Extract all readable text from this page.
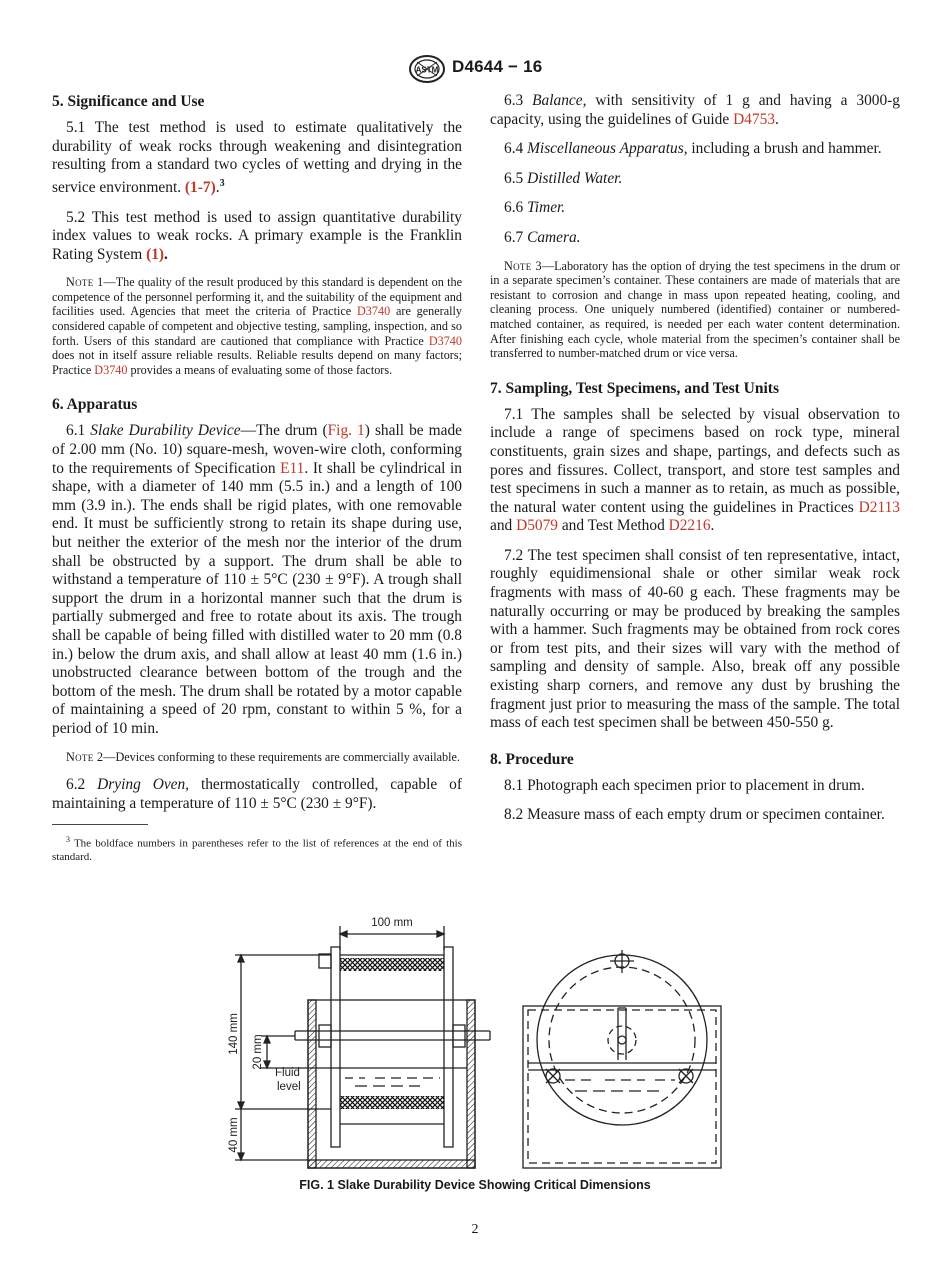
ASTM D4644 − 16
5. Significance and Use

5.1 The test method is used to estimate qualitatively the durability of weak rocks through weakening and disintegration resulting from a standard two cycles of wetting and drying in the service environment. (1-7).$^3$

5.2 This test method is used to assign quantitative durability index values to weak rocks. A primary example is the Franklin Rating System (1).

Note 1—The quality of the result produced by this standard is dependent on the competence of the personnel performing it, and the suitability of the equipment and facilities used. Agencies that meet the criteria of Practice D3740 are generally considered capable of competent and objective testing, sampling, inspection, and so forth. Users of this standard are cautioned that compliance with Practice D3740 does not in itself assure reliable results. Reliable results depend on many factors; Practice D3740 provides a means of evaluating some of those factors.

6. Apparatus

6.1 Slake Durability Device—The drum (Fig. 1) shall be made of 2.00 mm (No. 10) square-mesh, woven-wire cloth, conforming to the requirements of Specification E11. It shall be cylindrical in shape, with a diameter of 140 mm (5.5 in.) and a length of 100 mm (3.9 in.). The ends shall be rigid plates, with one removable end. It must be sufficiently strong to retain its shape during use, but neither the exterior of the mesh nor the interior of the drum shall be obstructed by a support. The drum shall be able to withstand a temperature of 110 ± 5°C (230 ± 9°F). A trough shall support the drum in a horizontal manner such that the drum is partially submerged and free to rotate about its axis. The trough shall be capable of being filled with distilled water to 20 mm (0.8 in.) below the drum axis, and shall allow at least 40 mm (1.6 in.) unobstructed clearance between bottom of the trough and the bottom of the mesh. The drum shall be rotated by a motor capable of maintaining a speed of 20 rpm, constant to within 5 %, for a period of 10 min.

Note 2—Devices conforming to these requirements are commercially available.

6.2 Drying Oven, thermostatically controlled, capable of maintaining a temperature of 110 ± 5°C (230 ± 9°F).

$^3$ The boldface numbers in parentheses refer to the list of references at the end of this standard.

6.3 Balance, with sensitivity of 1 g and having a 3000-g capacity, using the guidelines of Guide D4753.

6.4 Miscellaneous Apparatus, including a brush and hammer.

6.5 Distilled Water.

6.6 Timer.

6.7 Camera.

Note 3—Laboratory has the option of drying the test specimens in the drum or in a separate specimen’s container. These containers are made of materials that are resistant to corrosion and change in mass upon repeated heating, cooling, and cleaning process. One uniquely numbered (identified) container or numbered-matched container, as required, is needed per each water content determination. After finishing each cycle, whole material from the specimen’s container shall be transferred to number-matched drum or vice versa.

7. Sampling, Test Specimens, and Test Units

7.1 The samples shall be selected by visual observation to include a range of specimens based on rock type, mineral constituents, grain sizes and shape, partings, and defects such as pores and fissures. Collect, transport, and store test samples and test specimens in such a manner as to retain, as much as possible, the natural water content using the guidelines in Practices D2113 and D5079 and Test Method D2216.

7.2 The test specimen shall consist of ten representative, intact, roughly equidimensional shale or other similar weak rock fragments with mass of 40-60 g each. These fragments may be naturally occurring or may be produced by breaking the samples with a hammer. Such fragments may be obtained from rock cores or from test pits, and their sizes will vary with the method of sampling and density of sample. Also, break off any possible existing sharp corners, and remove any dust by brushing the fragment just prior to measuring the mass of the sample. The total mass of each test specimen shall be between 450-550 g.

8. Procedure

8.1 Photograph each specimen prior to placement in drum.

8.2 Measure mass of each empty drum or specimen container.

100 mm
140 mm 20 mm
40 mm
Fluid
level
FIG. 1 Slake Durability Device Showing Critical Dimensions
2
